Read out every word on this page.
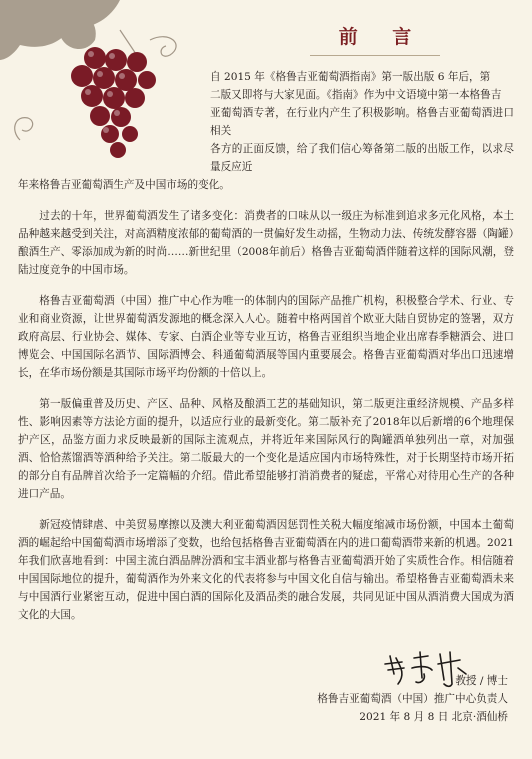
前 言
自 2015 年《格鲁吉亚葡萄酒指南》第一版出版 6 年后，第
二版又即将与大家见面。《指南》作为中文语境中第一本格鲁吉
亚葡萄酒专著，在行业内产生了积极影响。格鲁吉亚葡萄酒进口相关
各方的正面反馈，给了我们信心筹备第二版的出版工作，以求尽量反应近

年来格鲁吉亚葡萄酒生产及中国市场的变化。

过去的十年，世界葡萄酒发生了诸多变化：消费者的口味从以一级庄为标准到追求多元化风格，本土品种越来越受到关注，对高酒精度浓郁的葡萄酒的一贯偏好发生动摇，生物动力法、传统发酵容器（陶罐）酿酒生产、零添加成为新的时尚……新世纪里（2008年前后）格鲁吉亚葡萄酒伴随着这样的国际风潮，登陆过度竞争的中国市场。

格鲁吉亚葡萄酒（中国）推广中心作为唯一的体制内的国际产品推广机构，积极整合学术、行业、专业和商业资源，让世界葡萄酒发源地的概念深入人心。随着中格两国首个欧亚大陆自贸协定的签署，双方政府高层、行业协会、媒体、专家、白酒企业等专业互访，格鲁吉亚组织当地企业出席春季糖酒会、进口博览会、中国国际名酒节、国际酒博会、科通葡萄酒展等国内重要展会。格鲁吉亚葡萄酒对华出口迅速增长，在华市场份额是其国际市场平均份额的十倍以上。

第一版偏重普及历史、产区、品种、风格及酿酒工艺的基础知识，第二版更注重经济规模、产品多样性、影响因素等方法论方面的提升，以适应行业的最新变化。第二版补充了2018年以后新增的6个地理保护产区，品鉴方面力求反映最新的国际主流观点，并将近年来国际风行的陶罐酒单独列出一章，对加强酒、恰恰蒸馏酒等酒种给予关注。第二版最大的一个变化是适应国内市场特殊性，对于长期坚持市场开拓的部分自有品牌首次给予一定篇幅的介绍。借此希望能够打消消费者的疑虑，平常心对待用心生产的各种进口产品。

新冠疫情肆虐、中美贸易摩擦以及澳大利亚葡萄酒因惩罚性关税大幅度缩减市场份额，中国本土葡萄酒的崛起给中国葡萄酒市场增添了变数，也给包括格鲁吉亚葡萄酒在内的进口葡萄酒带来新的机遇。2021年我们欣喜地看到：中国主流白酒品牌汾酒和宝丰酒业都与格鲁吉亚葡萄酒开始了实质性合作。相信随着中国国际地位的提升，葡萄酒作为外来文化的代表将参与中国文化自信与输出。希望格鲁吉亚葡萄酒未来与中国酒行业紧密互动，促进中国白酒的国际化及酒品类的融合发展，共同见证中国从酒消费大国成为酒文化的大国。

教授 / 博士
格鲁吉亚葡萄酒（中国）推广中心负责人
2021 年 8 月 8 日 北京·酒仙桥
